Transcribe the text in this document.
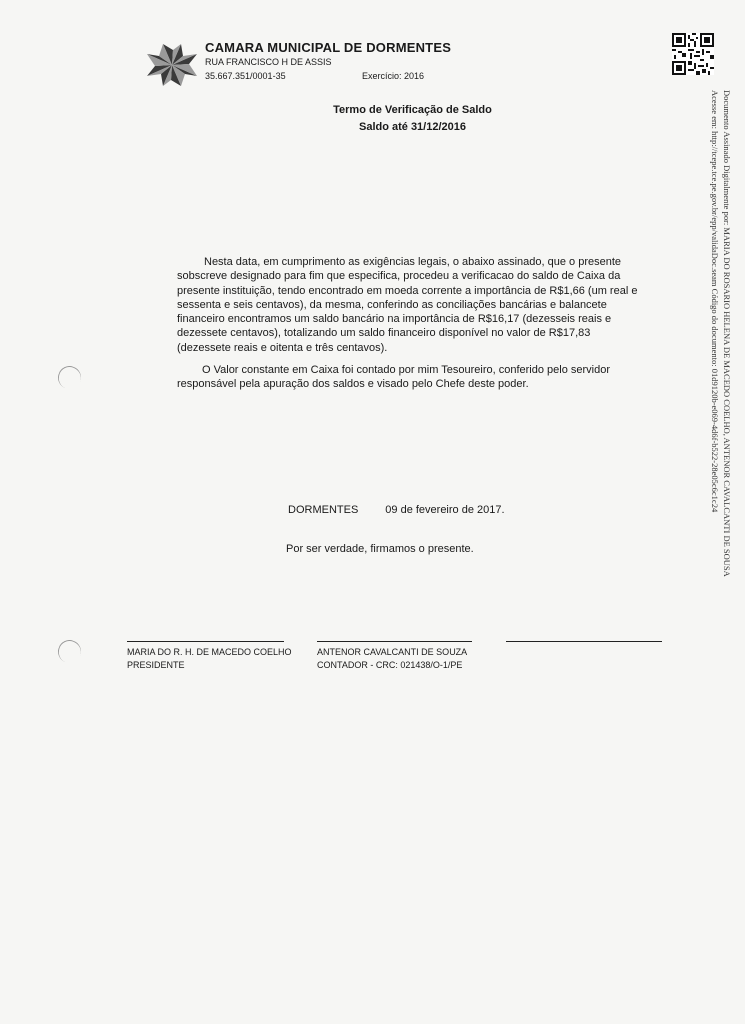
CAMARA MUNICIPAL DE DORMENTES
RUA FRANCISCO H DE ASSIS
35.667.351/0001-35	Exercício: 2016
Termo de Verificação de Saldo
Saldo até 31/12/2016

Nesta data, em cumprimento as exigências legais, o abaixo assinado, que o presente sobscreve designado para fim que especifica, procedeu a verificacao do saldo de Caixa da presente instituição, tendo encontrado em moeda corrente a importância de R$1,66 (um real e sessenta e seis centavos), da mesma, conferindo as conciliações bancárias e balancete financeiro encontramos um saldo bancário na importância de R$16,17 (dezesseis reais e dezessete centavos), totalizando um saldo financeiro disponível no valor de R$17,83 (dezessete reais e oitenta e três centavos).

O Valor constante em Caixa foi contado por mim Tesoureiro, conferido pelo servidor responsável pela apuração dos saldos e visado pelo Chefe deste poder.

DORMENTES 09 de fevereiro de 2017.
Por ser verdade, firmamos o presente.
MARIA DO R. H. DE MACEDO COELHO
PRESIDENTE
ANTENOR CAVALCANTI DE SOUZA
CONTADOR - CRC: 021438/O-1/PE
Documento Assinado Digitalmente por: MARIA DO ROSARIO HELENA DE MACEDO COELHO, ANTENOR CAVALCANTI DE SOUSA
Acesse em: http://tcepe.tce.pe.gov.br/epp/validaDoc.seam Código do documento: 01d9120b-e069-4d6f-b522-28e05c6c1c24
